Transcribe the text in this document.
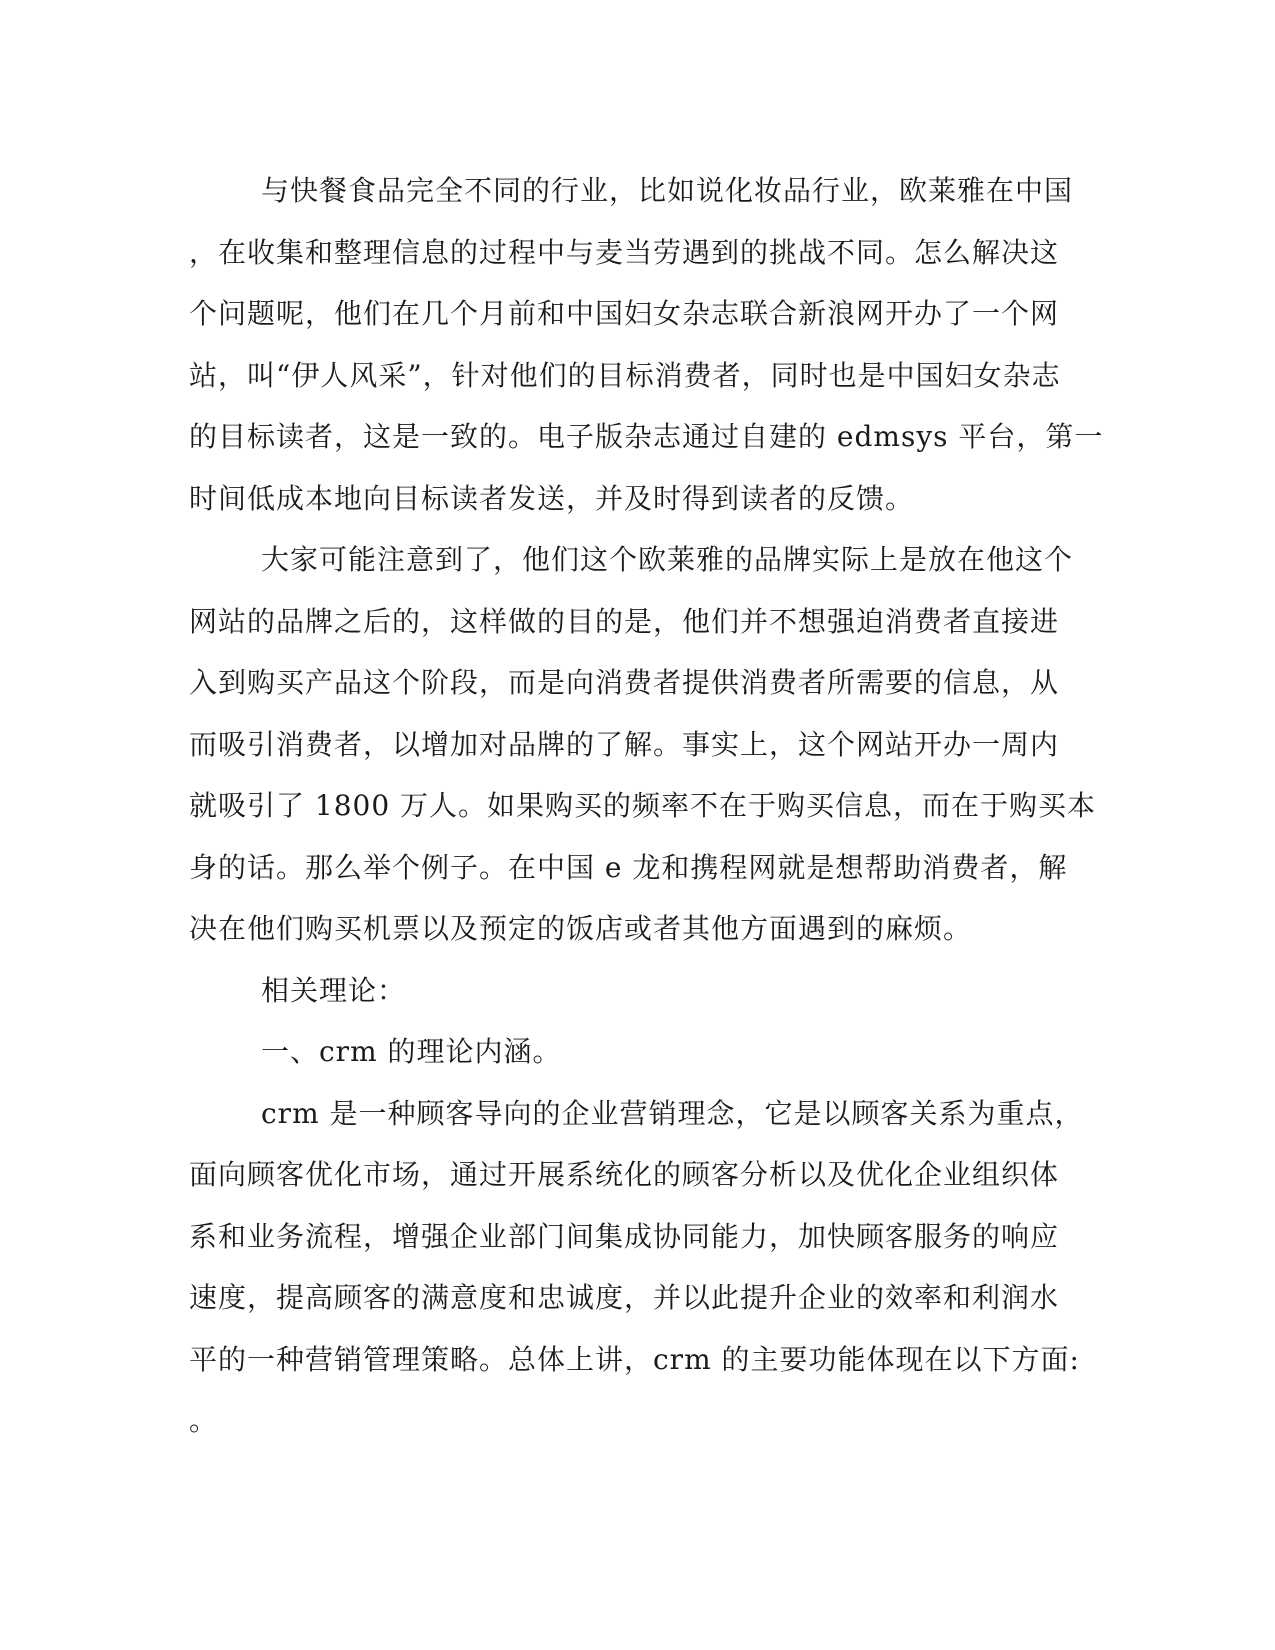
与快餐食品完全不同的行业，比如说化妆品行业，欧莱雅在中国
，在收集和整理信息的过程中与麦当劳遇到的挑战不同。怎么解决这
个问题呢，他们在几个月前和中国妇女杂志联合新浪网开办了一个网
站，叫“伊人风采”，针对他们的目标消费者，同时也是中国妇女杂志
的目标读者，这是一致的。电子版杂志通过自建的 edmsys 平台，第一
时间低成本地向目标读者发送，并及时得到读者的反馈。
大家可能注意到了，他们这个欧莱雅的品牌实际上是放在他这个
网站的品牌之后的，这样做的目的是，他们并不想强迫消费者直接进
入到购买产品这个阶段，而是向消费者提供消费者所需要的信息，从
而吸引消费者，以增加对品牌的了解。事实上，这个网站开办一周内
就吸引了 1800 万人。如果购买的频率不在于购买信息，而在于购买本
身的话。那么举个例子。在中国 e 龙和携程网就是想帮助消费者，解
决在他们购买机票以及预定的饭店或者其他方面遇到的麻烦。
相关理论：
一、crm 的理论内涵。
crm 是一种顾客导向的企业营销理念，它是以顾客关系为重点，
面向顾客优化市场，通过开展系统化的顾客分析以及优化企业组织体
系和业务流程，增强企业部门间集成协同能力，加快顾客服务的响应
速度，提高顾客的满意度和忠诚度，并以此提升企业的效率和利润水
平的一种营销管理策略。总体上讲，crm 的主要功能体现在以下方面:
。
